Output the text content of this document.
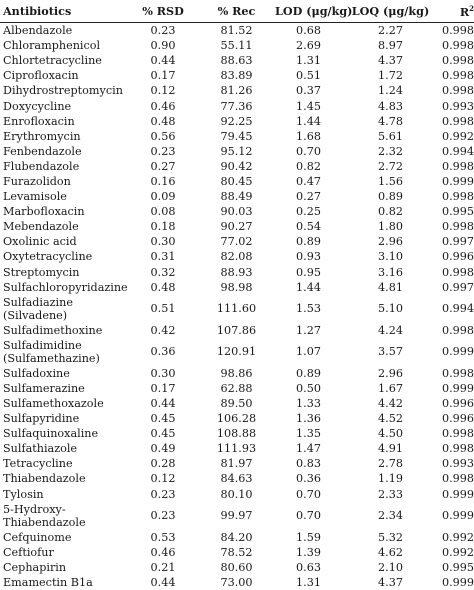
Antibiotics	% RSD	% Rec	LOD (μg/kg)	LOQ (μg/kg)	$R^2$

Albendazole	0.23	81.52	0.68	2.27	0.998

Chloramphenicol	0.90	55.11	2.69	8.97	0.998

Chlortetracycline	0.44	88.63	1.31	4.37	0.998

Ciprofloxacin	0.17	83.89	0.51	1.72	0.998

Dihydrostreptomycin	0.12	81.26	0.37	1.24	0.998

Doxycycline	0.46	77.36	1.45	4.83	0.993

Enrofloxacin	0.48	92.25	1.44	4.78	0.998

Erythromycin	0.56	79.45	1.68	5.61	0.992

Fenbendazole	0.23	95.12	0.70	2.32	0.994

Flubendazole	0.27	90.42	0.82	2.72	0.998

Furazolidon	0.16	80.45	0.47	1.56	0.999

Levamisole	0.09	88.49	0.27	0.89	0.998

Marbofloxacin	0.08	90.03	0.25	0.82	0.995

Mebendazole	0.18	90.27	0.54	1.80	0.998

Oxolinic acid	0.30	77.02	0.89	2.96	0.997

Oxytetracycline	0.31	82.08	0.93	3.10	0.996

Streptomycin	0.32	88.93	0.95	3.16	0.998

Sulfachloropyridazine	0.48	98.98	1.44	4.81	0.997

Sulfadiazine
(Silvadene)	0.51	111.60	1.53	5.10	0.994

Sulfadimethoxine	0.42	107.86	1.27	4.24	0.998

Sulfadimidine
(Sulfamethazine)	0.36	120.91	1.07	3.57	0.999

Sulfadoxine	0.30	98.86	0.89	2.96	0.998

Sulfamerazine	0.17	62.88	0.50	1.67	0.999

Sulfamethoxazole	0.44	89.50	1.33	4.42	0.996

Sulfapyridine	0.45	106.28	1.36	4.52	0.996

Sulfaquinoxaline	0.45	108.88	1.35	4.50	0.998

Sulfathiazole	0.49	111.93	1.47	4.91	0.998

Tetracycline	0.28	81.97	0.83	2.78	0.993

Thiabendazole	0.12	84.63	0.36	1.19	0.998

Tylosin	0.23	80.10	0.70	2.33	0.999

5-Hydroxy-
Thiabendazole	0.23	99.97	0.70	2.34	0.999

Cefquinome	0.53	84.20	1.59	5.32	0.992

Ceftiofur	0.46	78.52	1.39	4.62	0.992

Cephapirin	0.21	80.60	0.63	2.10	0.995

Emamectin B1a	0.44	73.00	1.31	4.37	0.999
